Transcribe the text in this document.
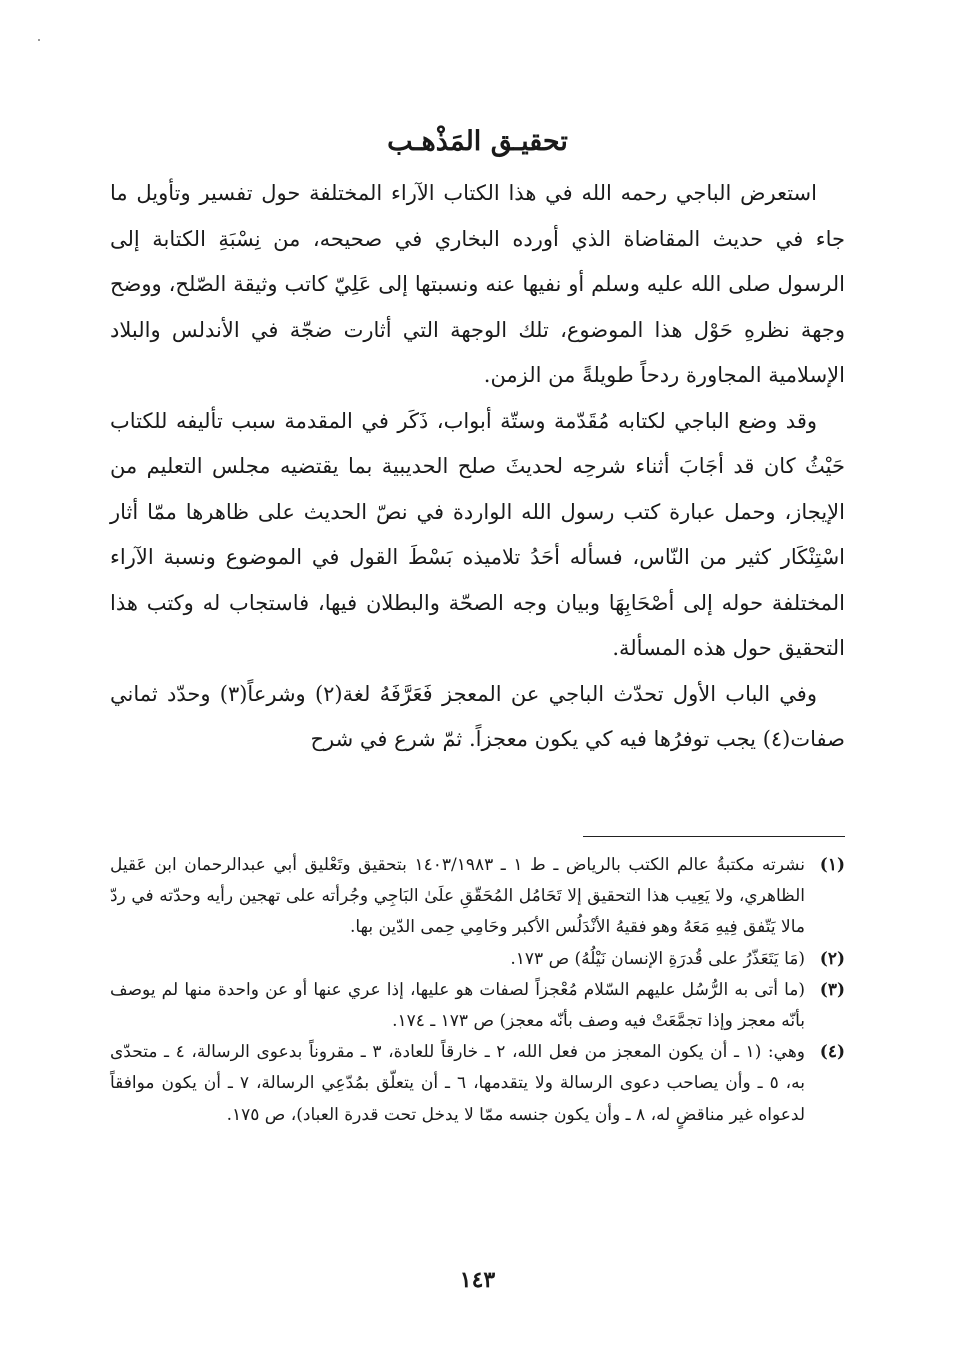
تحقيـق المَذْهـب

استعرض الباجي رحمه الله في هذا الكتاب الآراء المختلفة حول تفسير وتأويل ما جاء في حديث المقاضاة الذي أورده البخاري في صحيحه، من نِسْبَةِ الكتابة إلى الرسول صلى الله عليه وسلم أو نفيها عنه ونسبتها إلى عَلِيّ كاتب وثيقة الصّلح، ووضح وجهة نظرهِ حَوْل هذا الموضوع، تلك الوجهة التي أثارت ضجّة في الأندلس والبلاد الإسلامية المجاورة ردحاً طويلةً من الزمن.

وقد وضع الباجي لكتابه مُقَدّمة وستّة أبواب، ذَكَر في المقدمة سبب تأليفه للكتاب حَيْثُ كان قد أجَابَ أثناء شرحِه لحديثَ صلح الحديبية بما يقتضيه مجلس التعليم من الإيجاز، وحمل عبارة كتب رسول الله الواردة في نصّ الحديث على ظاهرها ممّا أثار اسْتِنْكَار كثير من النّاس، فسأله أحَدُ تلاميذه بَسْطَ القول في الموضوع ونسبة الآراء المختلفة حوله إلى أصْحَابِهَا وبيان وجه الصحّة والبطلان فيها، فاستجاب له وكتب هذا التحقيق حول هذه المسألة.

وفي الباب الأول تحدّث الباجي عن المعجز فَعَرَّفَهُ لغة(٢) وشرعاً(٣) وحدّد ثماني صفات(٤) يجب توفرُها فيه كي يكون معجزاً. ثمّ شرع في شرح

(١)

نشرته مكتبةُ عالم الكتب بالرياض ـ ط ١ ـ ١٤٠٣/١٩٨٣ بتحقيق وتَعْليق أبي عبدالرحمان ابن عَقيل الظاهري، ولا يَعِيب هذا التحقيق إلا تَحَامُل المُحَقّقِ علَىٰ البَاجِي وجُرأته على تهجين رأيه وحدّته في ردّ مالا يَتّفق فِيهِ مَعَهُ وهو فقيهُ الأنْدَلُس الأكبر وحَامِي حِمى الدّين بها.

(٢)

(مَا يَتَعَذّرُ على قُدرَةِ الإنسان نَيْلُهُ) ص ١٧٣.

(٣)

(ما أتى به الرُّسُل عليهم السّلام مُعْجزاً لصفات هو عليها، إذا عري عنها أو عن واحدة منها لم يوصف بأنّه معجز وإذا تجمَّعَتْ فيه وصف بأنّه معجز) ص ١٧٣ ـ ١٧٤.

(٤)

وهي: (١ ـ أن يكون المعجز من فعل الله، ٢ ـ خارقاً للعادة، ٣ ـ مقروناً بدعوى الرسالة، ٤ ـ متحدّى به، ٥ ـ وأن يصاحب دعوى الرسالة ولا يتقدمها، ٦ ـ أن يتعلّق بمُدّعِي الرسالة، ٧ ـ أن يكون موافقاً لدعواه غير مناقضٍ له، ٨ ـ وأن يكون جنسه ممّا لا يدخل تحت قدرة العباد)، ص ١٧٥.

١٤٣
